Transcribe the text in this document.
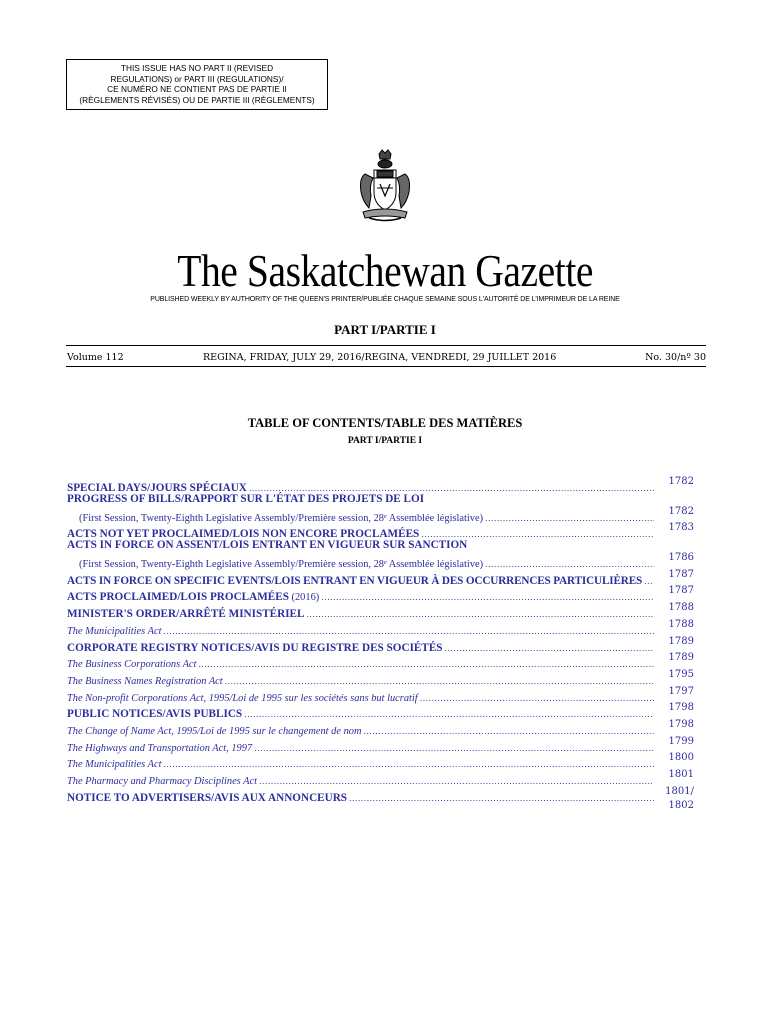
THIS ISSUE HAS NO PART II (REVISED
REGULATIONS) or PART III (REGULATIONS)/
CE NUMÉRO NE CONTIENT PAS DE PARTIE II
(RÈGLEMENTS RÉVISÉS) OU DE PARTIE III (RÈGLEMENTS)
The Saskatchewan Gazette
PUBLISHED WEEKLY BY AUTHORITY OF THE QUEEN'S PRINTER/PUBLIÉE CHAQUE SEMAINE SOUS L'AUTORITÉ DE L'IMPRIMEUR DE LA REINE
PART I/PARTIE I
Volume 112	REGINA, FRIDAY, JULY 29, 2016/REGINA, VENDREDI, 29 JUILLET 2016	No. 30/nº 30
TABLE OF CONTENTS/TABLE DES MATIÈRES
PART I/PARTIE I
SPECIAL DAYS/JOURS SPÉCIAUX
.....
1782
PROGRESS OF BILLS/RAPPORT SUR L'ÉTAT DES PROJETS DE LOI
(First Session, Twenty-Eighth Legislative Assembly/Première session, 28ᵉ Assemblée législative)
.....
1782
ACTS NOT YET PROCLAIMED/LOIS NON ENCORE PROCLAMÉES
.....
1783
ACTS IN FORCE ON ASSENT/LOIS ENTRANT EN VIGUEUR SUR SANCTION
(First Session, Twenty-Eighth Legislative Assembly/Première session, 28ᵉ Assemblée législative)
.....
1786
ACTS IN FORCE ON SPECIFIC EVENTS/LOIS ENTRANT EN VIGUEUR À DES OCCURRENCES PARTICULIÈRES
.....
1787
ACTS PROCLAIMED/LOIS PROCLAMÉES (2016)
.....
1787
MINISTER'S ORDER/ARRÊTÉ MINISTÉRIEL
.....
1788
The Municipalities Act
.....
1788
CORPORATE REGISTRY NOTICES/AVIS DU REGISTRE DES SOCIÉTÉS
.....
1789
The Business Corporations Act
.....
1789
The Business Names Registration Act
.....
1795
The Non-profit Corporations Act, 1995/Loi de 1995 sur les sociétés sans but lucratif
.....
1797
PUBLIC NOTICES/AVIS PUBLICS
.....
1798
The Change of Name Act, 1995/Loi de 1995 sur le changement de nom
.....
1798
The Highways and Transportation Act, 1997
.....
1799
The Municipalities Act
.....
1800
The Pharmacy and Pharmacy Disciplines Act
.....
1801
NOTICE TO ADVERTISERS/AVIS AUX ANNONCEURS
.....
1801/
1802
